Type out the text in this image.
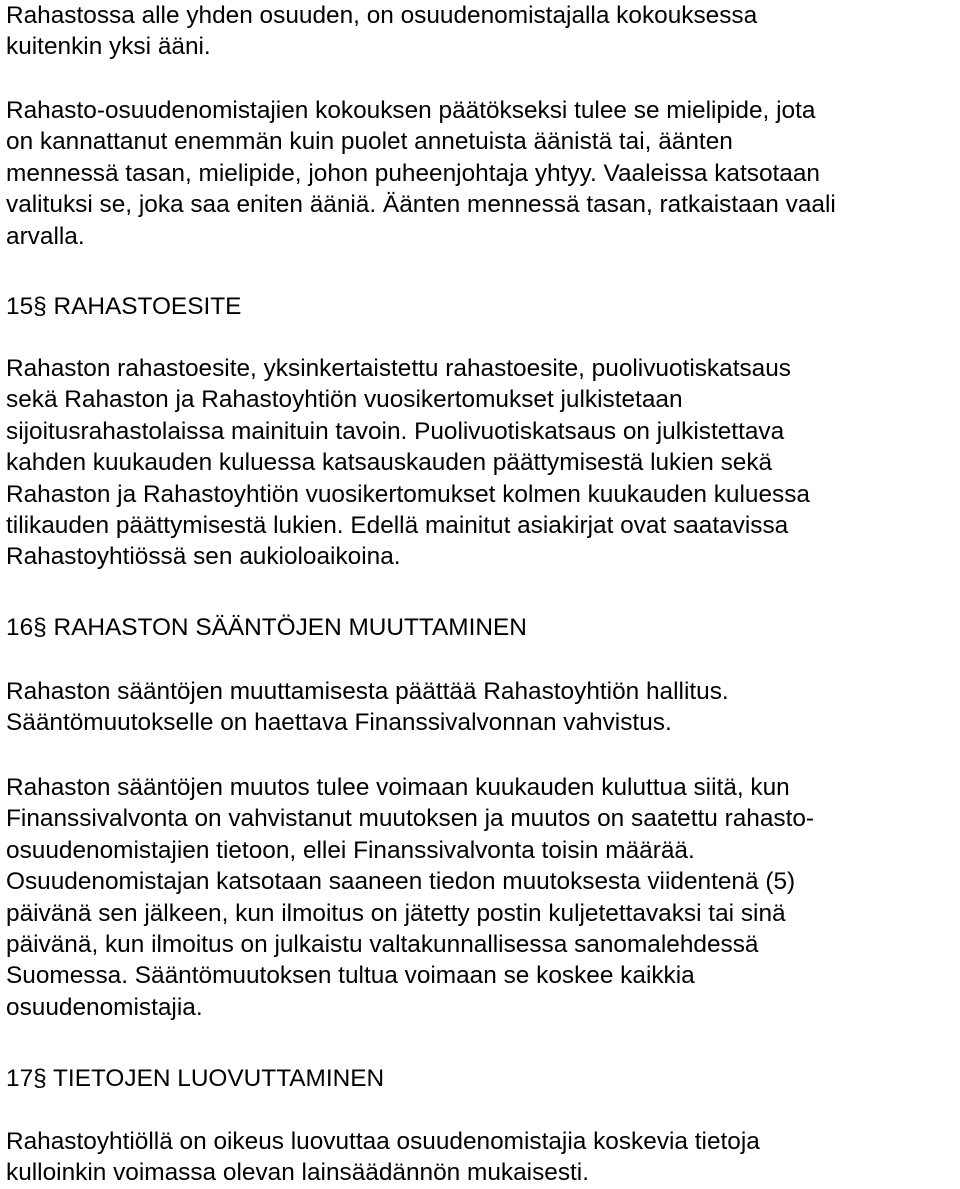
Rahastossa alle yhden osuuden, on osuudenomistajalla kokouksessa
kuitenkin yksi ääni.

Rahasto-osuudenomistajien kokouksen päätökseksi tulee se mielipide, jota
on kannattanut enemmän kuin puolet annetuista äänistä tai, äänten
mennessä tasan, mielipide, johon puheenjohtaja yhtyy. Vaaleissa katsotaan
valituksi se, joka saa eniten ääniä. Äänten mennessä tasan, ratkaistaan vaali
arvalla.

15§ RAHASTOESITE

Rahaston rahastoesite, yksinkertaistettu rahastoesite, puolivuotiskatsaus
sekä Rahaston ja Rahastoyhtiön vuosikertomukset julkistetaan
sijoitusrahastolaissa mainituin tavoin. Puolivuotiskatsaus on julkistettava
kahden kuukauden kuluessa katsauskauden päättymisestä lukien sekä
Rahaston ja Rahastoyhtiön vuosikertomukset kolmen kuukauden kuluessa
tilikauden päättymisestä lukien. Edellä mainitut asiakirjat ovat saatavissa
Rahastoyhtiössä sen aukioloaikoina.

16§ RAHASTON SÄÄNTÖJEN MUUTTAMINEN

Rahaston sääntöjen muuttamisesta päättää Rahastoyhtiön hallitus.
Sääntömuutokselle on haettava Finanssivalvonnan vahvistus.

Rahaston sääntöjen muutos tulee voimaan kuukauden kuluttua siitä, kun
Finanssivalvonta on vahvistanut muutoksen ja muutos on saatettu rahasto-
osuudenomistajien tietoon, ellei Finanssivalvonta toisin määrää.
Osuudenomistajan katsotaan saaneen tiedon muutoksesta viidentenä (5)
päivänä sen jälkeen, kun ilmoitus on jätetty postin kuljetettavaksi tai sinä
päivänä, kun ilmoitus on julkaistu valtakunnallisessa sanomalehdessä
Suomessa. Sääntömuutoksen tultua voimaan se koskee kaikkia
osuudenomistajia.

17§ TIETOJEN LUOVUTTAMINEN

Rahastoyhtiöllä on oikeus luovuttaa osuudenomistajia koskevia tietoja
kulloinkin voimassa olevan lainsäädännön mukaisesti.
